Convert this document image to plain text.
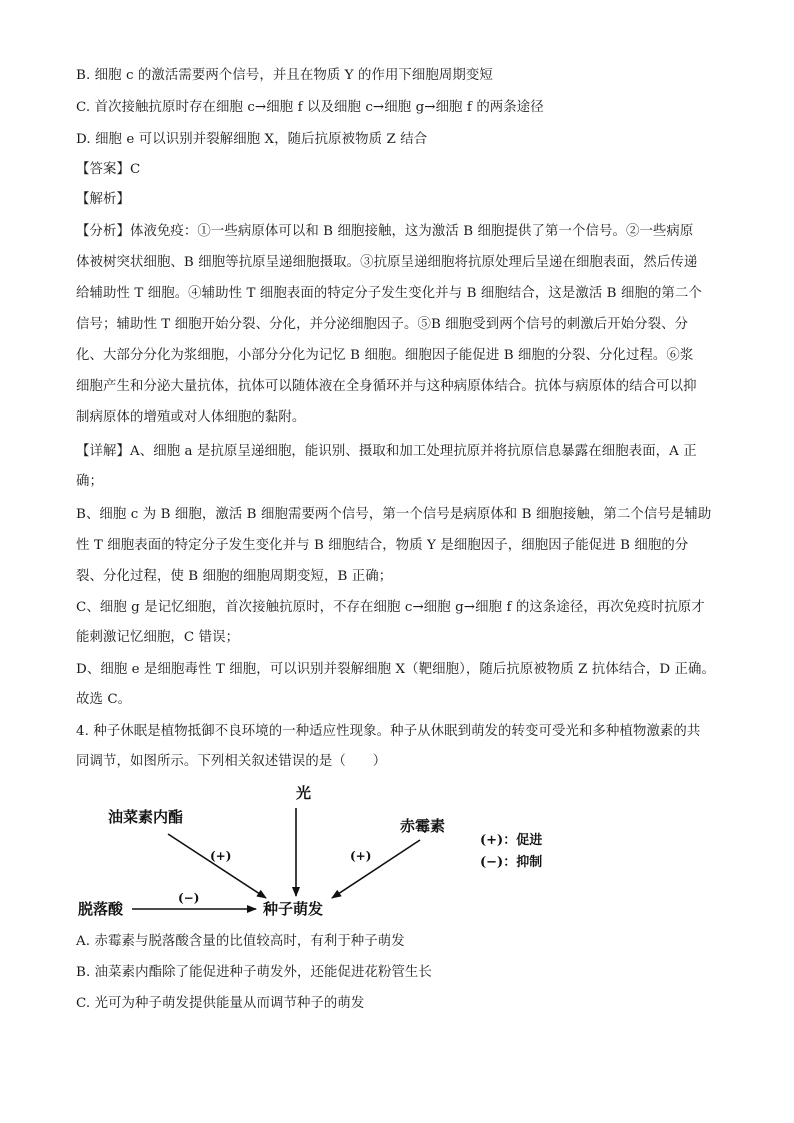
B. 细胞 c 的激活需要两个信号，并且在物质 Y 的作用下细胞周期变短
C. 首次接触抗原时存在细胞 c→细胞 f 以及细胞 c→细胞 g→细胞 f 的两条途径
D. 细胞 e 可以识别并裂解细胞 X，随后抗原被物质 Z 结合
【答案】C
【解析】
【分析】体液免疫：①一些病原体可以和 B 细胞接触，这为激活 B 细胞提供了第一个信号。②一些病原
体被树突状细胞、B 细胞等抗原呈递细胞摄取。③抗原呈递细胞将抗原处理后呈递在细胞表面，然后传递
给辅助性 T 细胞。④辅助性 T 细胞表面的特定分子发生变化并与 B 细胞结合，这是激活 B 细胞的第二个
信号；辅助性 T 细胞开始分裂、分化，并分泌细胞因子。⑤B 细胞受到两个信号的刺激后开始分裂、分
化、大部分分化为浆细胞，小部分分化为记忆 B 细胞。细胞因子能促进 B 细胞的分裂、分化过程。⑥浆
细胞产生和分泌大量抗体，抗体可以随体液在全身循环并与这种病原体结合。抗体与病原体的结合可以抑
制病原体的增殖或对人体细胞的黏附。
【详解】A、细胞 a 是抗原呈递细胞，能识别、摄取和加工处理抗原并将抗原信息暴露在细胞表面，A 正
确；
B、细胞 c 为 B 细胞，激活 B 细胞需要两个信号，第一个信号是病原体和 B 细胞接触，第二个信号是辅助
性 T 细胞表面的特定分子发生变化并与 B 细胞结合，物质 Y 是细胞因子，细胞因子能促进 B 细胞的分
裂、分化过程，使 B 细胞的细胞周期变短，B 正确；
C、细胞 g 是记忆细胞，首次接触抗原时，不存在细胞 c→细胞 g→细胞 f 的这条途径，再次免疫时抗原才
能刺激记忆细胞，C 错误；
D、细胞 e 是细胞毒性 T 细胞，可以识别并裂解细胞 X（靶细胞），随后抗原被物质 Z 抗体结合，D 正确。
故选 C。
4. 种子休眠是植物抵御不良环境的一种适应性现象。种子从休眠到萌发的转变可受光和多种植物激素的共
同调节，如图所示。下列相关叙述错误的是（　　）
光
油菜素内酯	赤霉素
脱落酸	种子萌发
(+)	(+)
(−)
(+)：促进
(−)：抑制
A. 赤霉素与脱落酸含量的比值较高时，有利于种子萌发
B. 油菜素内酯除了能促进种子萌发外，还能促进花粉管生长
C. 光可为种子萌发提供能量从而调节种子的萌发
